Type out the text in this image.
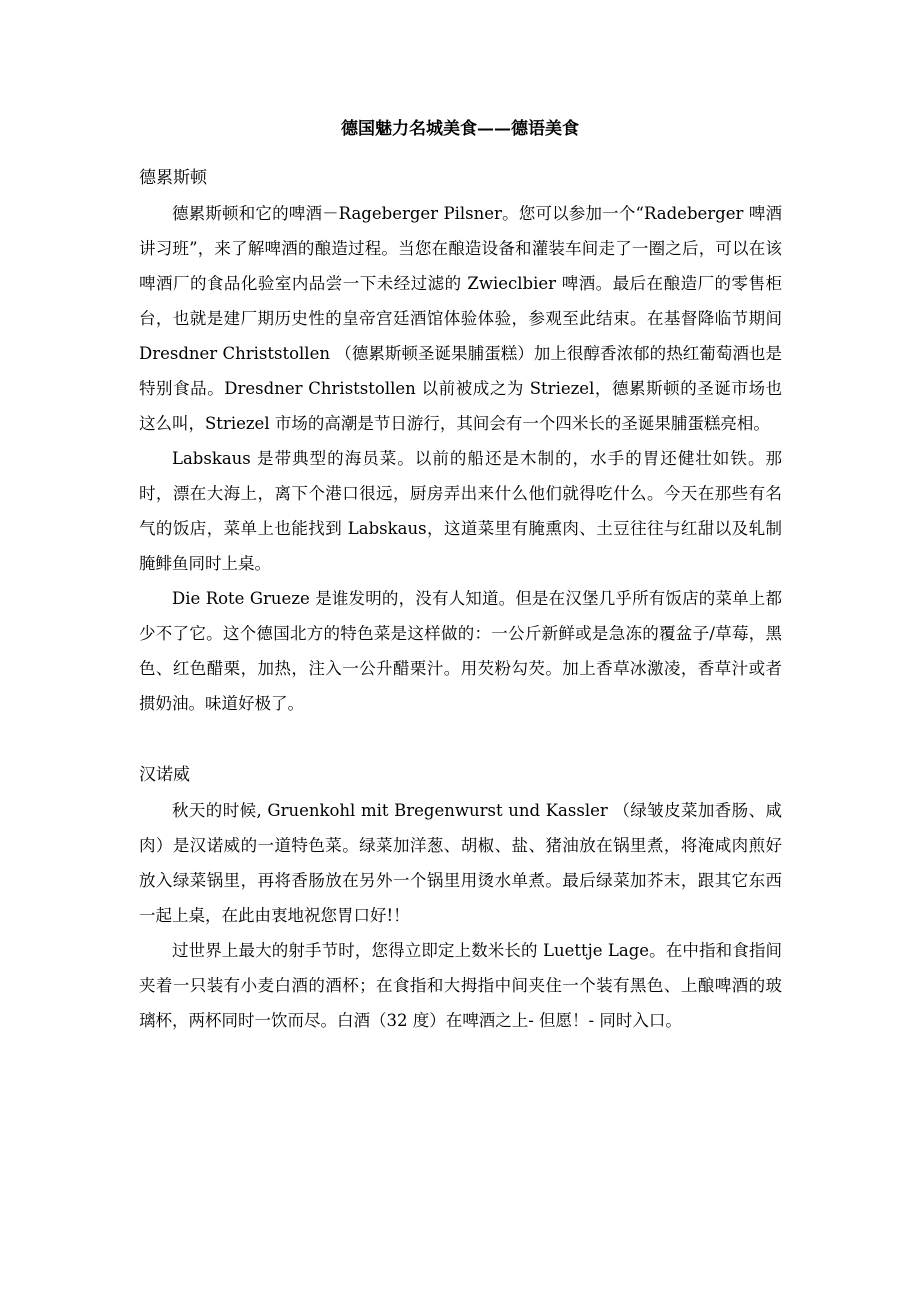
德国魅力名城美食——德语美食
德累斯顿

德累斯顿和它的啤酒－Rageberger Pilsner。您可以参加一个“Radeberger 啤酒讲习班”，来了解啤酒的酿造过程。当您在酿造设备和灌装车间走了一圈之后，可以在该啤酒厂的食品化验室内品尝一下未经过滤的 Zwieclbier 啤酒。最后在酿造厂的零售柜台，也就是建厂期历史性的皇帝宫廷酒馆体验体验，参观至此结束。在基督降临节期间 Dresdner Christstollen （德累斯顿圣诞果脯蛋糕）加上很醇香浓郁的热红葡萄酒也是特别食品。Dresdner Christstollen 以前被成之为 Striezel，德累斯顿的圣诞市场也这么叫，Striezel 市场的高潮是节日游行，其间会有一个四米长的圣诞果脯蛋糕亮相。

Labskaus 是带典型的海员菜。以前的船还是木制的，水手的胃还健壮如铁。那时，漂在大海上，离下个港口很远，厨房弄出来什么他们就得吃什么。今天在那些有名气的饭店，菜单上也能找到 Labskaus，这道菜里有腌熏肉、土豆往往与红甜以及轧制腌鲱鱼同时上桌。

Die Rote Grueze 是谁发明的，没有人知道。但是在汉堡几乎所有饭店的菜单上都少不了它。这个德国北方的特色菜是这样做的：一公斤新鲜或是急冻的覆盆子/草莓，黑色、红色醋栗，加热，注入一公升醋栗汁。用芡粉勾芡。加上香草冰激凌，香草汁或者掼奶油。味道好极了。

汉诺威

秋天的时候, Gruenkohl mit Bregenwurst und Kassler （绿皱皮菜加香肠、咸肉）是汉诺威的一道特色菜。绿菜加洋葱、胡椒、盐、猪油放在锅里煮，将淹咸肉煎好放入绿菜锅里，再将香肠放在另外一个锅里用烫水单煮。最后绿菜加芥末，跟其它东西一起上桌，在此由衷地祝您胃口好!！

过世界上最大的射手节时，您得立即定上数米长的 Luettje Lage。在中指和食指间夹着一只装有小麦白酒的酒杯；在食指和大拇指中间夹住一个装有黑色、上酿啤酒的玻璃杯，两杯同时一饮而尽。白酒（32 度）在啤酒之上- 但愿！- 同时入口。
